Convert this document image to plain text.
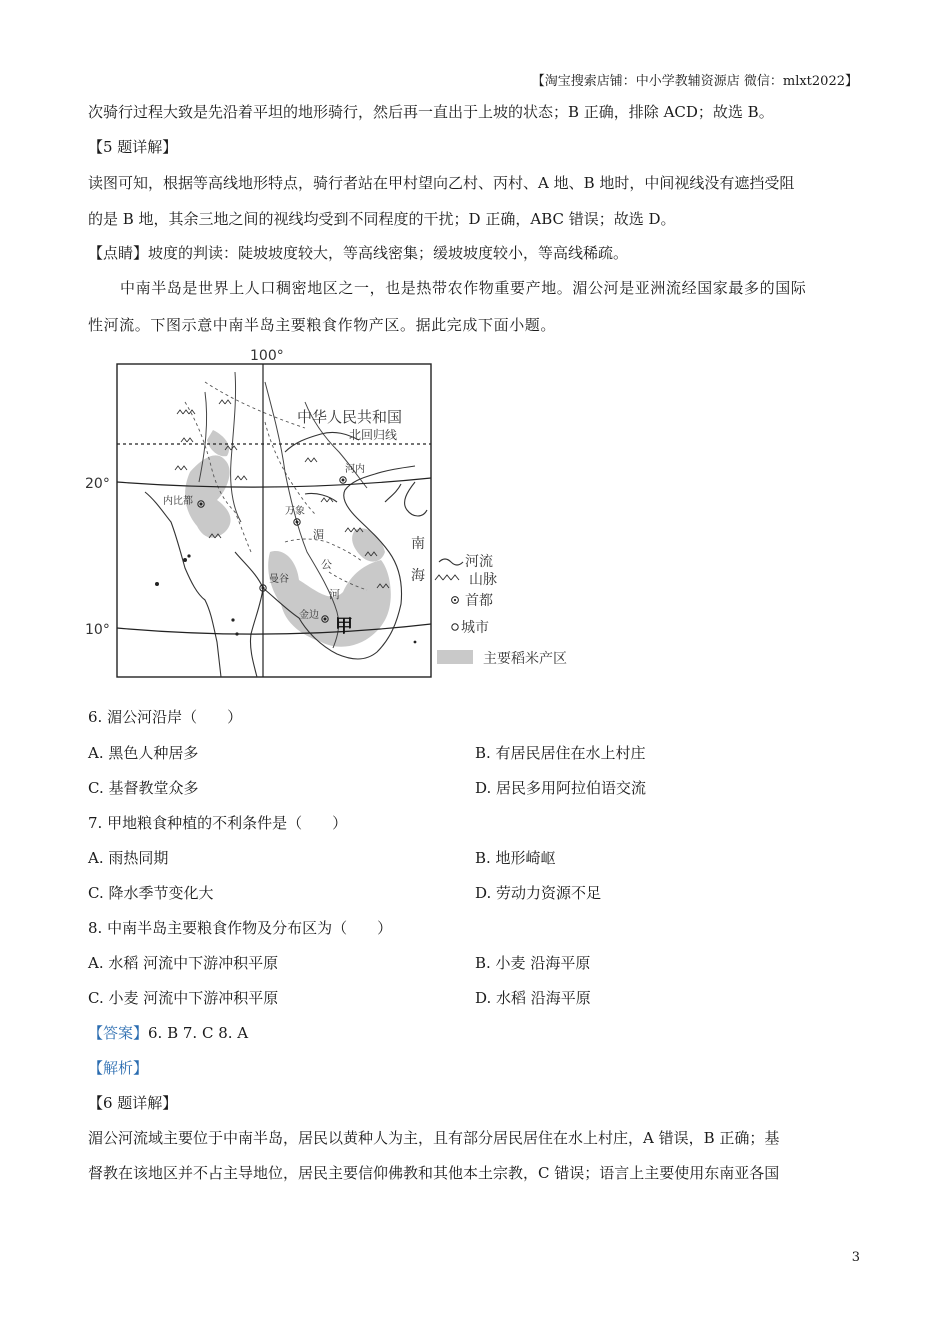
【淘宝搜索店铺：中小学教辅资源店 微信：mlxt2022】
次骑行过程大致是先沿着平坦的地形骑行，然后再一直出于上坡的状态；B 正确，排除 ACD；故选 B。
【5 题详解】
读图可知，根据等高线地形特点，骑行者站在甲村望向乙村、丙村、A 地、B 地时，中间视线没有遮挡受阻
的是 B 地，其余三地之间的视线均受到不同程度的干扰；D 正确，ABC 错误；故选 D。
【点睛】坡度的判读：陡坡坡度较大，等高线密集；缓坡坡度较小，等高线稀疏。
中南半岛是世界上人口稠密地区之一，也是热带农作物重要产地。湄公河是亚洲流经国家最多的国际
性河流。下图示意中南半岛主要粮食作物产区。据此完成下面小题。
100°
20°
10°
中华人民共和国
北回归线
河内
内比都
万象
曼谷
金边
湄
公
河
南
海
甲
河流
山脉
首都
城市
主要稻米产区
6. 湄公河沿岸（　　）
A. 黑色人种居多	B. 有居民居住在水上村庄
C. 基督教堂众多	D. 居民多用阿拉伯语交流
7. 甲地粮食种植的不利条件是（　　）
A. 雨热同期	B. 地形崎岖
C. 降水季节变化大	D. 劳动力资源不足
8. 中南半岛主要粮食作物及分布区为（　　）
A. 水稻 河流中下游冲积平原	B. 小麦 沿海平原
C. 小麦 河流中下游冲积平原	D. 水稻 沿海平原
【答案】6. B 7. C 8. A
【解析】
【6 题详解】
湄公河流域主要位于中南半岛，居民以黄种人为主，且有部分居民居住在水上村庄，A 错误，B 正确；基
督教在该地区并不占主导地位，居民主要信仰佛教和其他本土宗教，C 错误；语言上主要使用东南亚各国
3
